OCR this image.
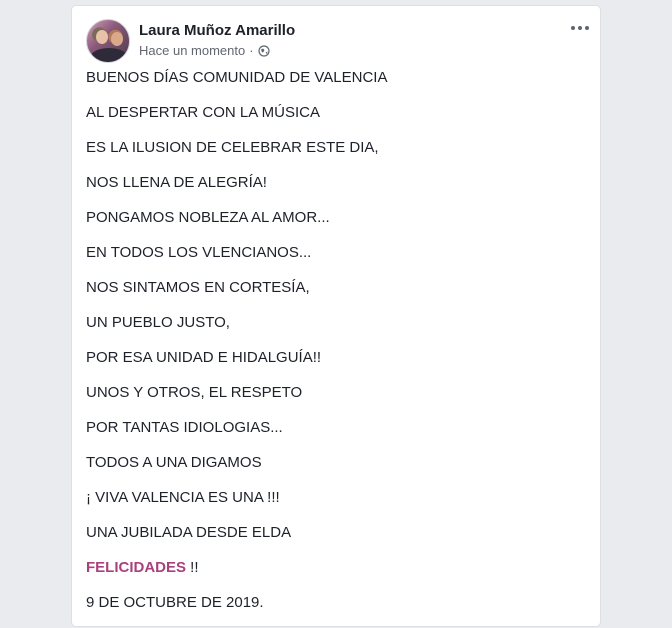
Laura Muñoz Amarillo
Hace un momento ·

BUENOS DÍAS COMUNIDAD DE VALENCIA

AL DESPERTAR CON LA MÚSICA

ES LA ILUSION DE CELEBRAR ESTE DIA,

NOS LLENA DE ALEGRÍA!

PONGAMOS NOBLEZA AL AMOR...

EN TODOS LOS VLENCIANOS...

NOS SINTAMOS EN CORTESÍA,

UN PUEBLO JUSTO,

POR ESA UNIDAD E HIDALGUÍA!!

UNOS Y OTROS, EL RESPETO

POR TANTAS IDIOLOGIAS...

TODOS A UNA DIGAMOS

¡ VIVA VALENCIA ES UNA !!!

UNA JUBILADA DESDE ELDA

FELICIDADES !!

9 DE OCTUBRE DE 2019.
